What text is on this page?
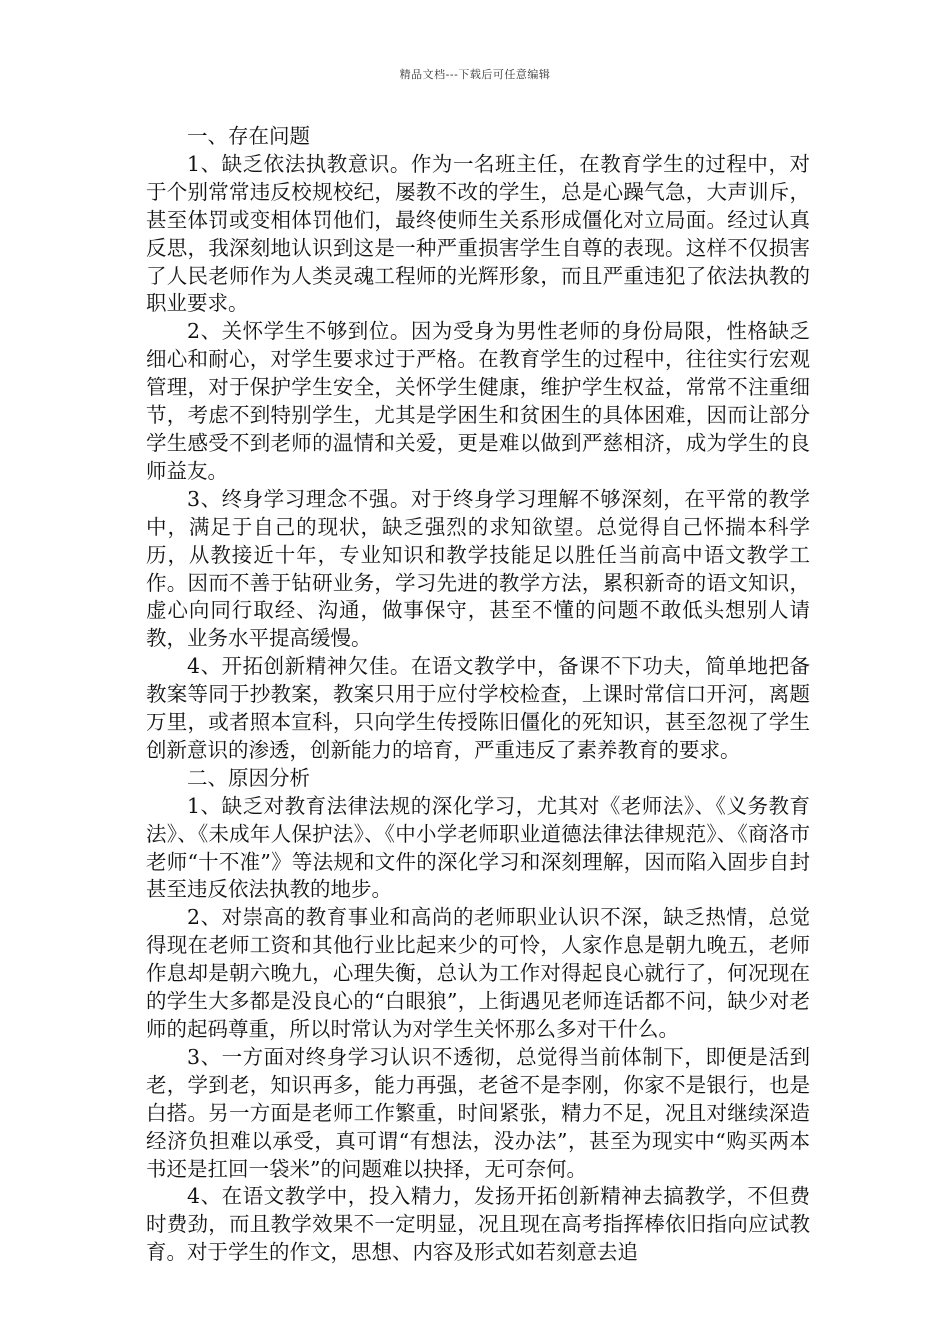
精品文档---下载后可任意编辑

一、存在问题

1、缺乏依法执教意识。作为一名班主任，在教育学生的过程中，对于个别常常违反校规校纪，屡教不改的学生，总是心躁气急，大声训斥，甚至体罚或变相体罚他们，最终使师生关系形成僵化对立局面。经过认真反思，我深刻地认识到这是一种严重损害学生自尊的表现。这样不仅损害了人民老师作为人类灵魂工程师的光辉形象，而且严重违犯了依法执教的职业要求。

2、关怀学生不够到位。因为受身为男性老师的身份局限，性格缺乏细心和耐心，对学生要求过于严格。在教育学生的过程中，往往实行宏观管理，对于保护学生安全，关怀学生健康，维护学生权益，常常不注重细节，考虑不到特别学生，尤其是学困生和贫困生的具体困难，因而让部分学生感受不到老师的温情和关爱，更是难以做到严慈相济，成为学生的良师益友。

3、终身学习理念不强。对于终身学习理解不够深刻，在平常的教学中，满足于自己的现状，缺乏强烈的求知欲望。总觉得自己怀揣本科学历，从教接近十年，专业知识和教学技能足以胜任当前高中语文教学工作。因而不善于钻研业务，学习先进的教学方法，累积新奇的语文知识，虚心向同行取经、沟通，做事保守，甚至不懂的问题不敢低头想别人请教，业务水平提高缓慢。

4、开拓创新精神欠佳。在语文教学中，备课不下功夫，简单地把备教案等同于抄教案，教案只用于应付学校检查，上课时常信口开河，离题万里，或者照本宣科，只向学生传授陈旧僵化的死知识，甚至忽视了学生创新意识的渗透，创新能力的培育，严重违反了素养教育的要求。

二、原因分析

1、缺乏对教育法律法规的深化学习，尤其对《老师法》、《义务教育法》、《未成年人保护法》、《中小学老师职业道德法律法律规范》、《商洛市老师“十不准”》等法规和文件的深化学习和深刻理解，因而陷入固步自封甚至违反依法执教的地步。

2、对崇高的教育事业和高尚的老师职业认识不深，缺乏热情，总觉得现在老师工资和其他行业比起来少的可怜，人家作息是朝九晚五，老师作息却是朝六晚九，心理失衡，总认为工作对得起良心就行了，何况现在的学生大多都是没良心的“白眼狼”，上街遇见老师连话都不问，缺少对老师的起码尊重，所以时常认为对学生关怀那么多对干什么。

3、一方面对终身学习认识不透彻，总觉得当前体制下，即便是活到老，学到老，知识再多，能力再强，老爸不是李刚，你家不是银行，也是白搭。另一方面是老师工作繁重，时间紧张，精力不足，况且对继续深造经济负担难以承受，真可谓“有想法，没办法”，甚至为现实中“购买两本书还是扛回一袋米”的问题难以抉择，无可奈何。

4、在语文教学中，投入精力，发扬开拓创新精神去搞教学，不但费时费劲，而且教学效果不一定明显，况且现在高考指挥棒依旧指向应试教育。对于学生的作文，思想、内容及形式如若刻意去追
